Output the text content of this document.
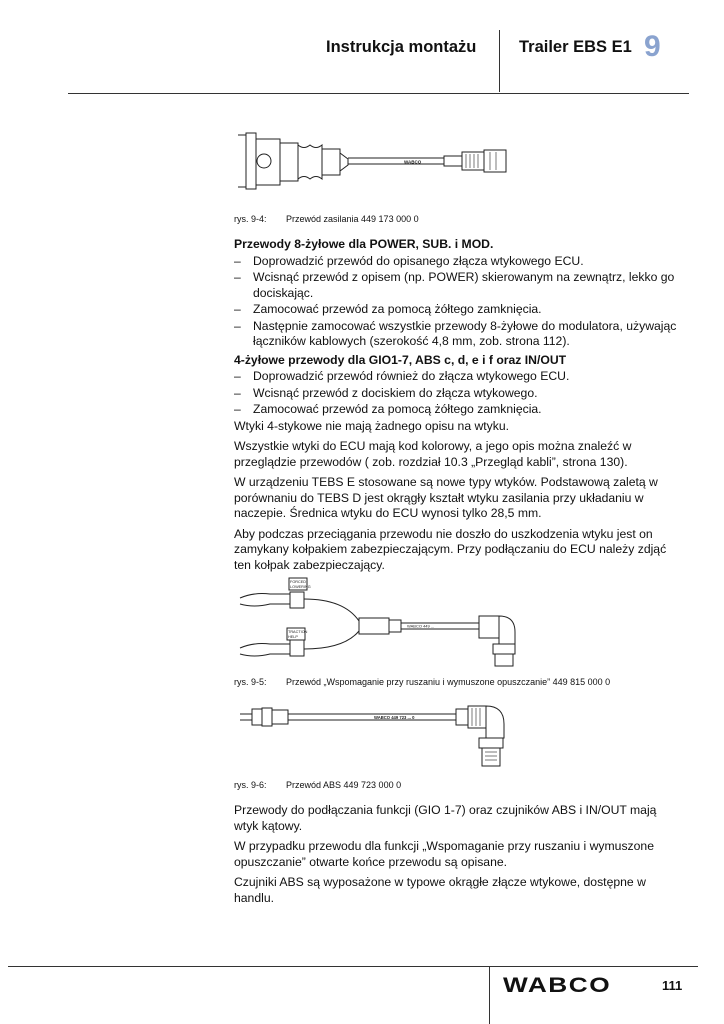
Instrukcja montażu	Trailer EBS E1 9
WABCO
rys. 9-4: Przewód zasilania 449 173 000 0
Przewody 8-żyłowe dla POWER, SUB. i MOD.
– Doprowadzić przewód do opisanego złącza wtykowego ECU.
– Wcisnąć przewód z opisem (np. POWER) skierowanym na zewnątrz, lekko go dociskając.
– Zamocować przewód za pomocą żółtego zamknięcia.
– Następnie zamocować wszystkie przewody 8-żyłowe do modulatora, używając łączników kablowych (szerokość 4,8 mm, zob. strona 112).
4-żyłowe przewody dla GIO1-7, ABS c, d, e i f oraz IN/OUT
– Doprowadzić przewód również do złącza wtykowego ECU.
– Wcisnąć przewód z dociskiem do złącza wtykowego.
– Zamocować przewód za pomocą żółtego zamknięcia.

Wtyki 4-stykowe nie mają żadnego opisu na wtyku.

Wszystkie wtyki do ECU mają kod kolorowy, a jego opis można znaleźć w przeglądzie przewodów ( zob. rozdział 10.3 „Przegląd kabli”, strona 130).

W urządzeniu TEBS E stosowane są nowe typy wtyków. Podstawową zaletą w porównaniu do TEBS D jest okrągły kształt wtyku zasilania przy układaniu w naczepie. Średnica wtyku do ECU wynosi tylko 28,5 mm.

Aby podczas przeciągania przewodu nie doszło do uszkodzenia wtyku jest on zamykany kołpakiem zabezpieczającym. Przy podłączaniu do ECU należy zdjąć ten kołpak zabezpieczający.

FORCED
LOWERING
TRACTION
HELP
WABCO 449 ...
rys. 9-5: Przewód „Wspomaganie przy ruszaniu i wymuszone opuszczanie” 449 815 000 0
WABCO 449 723 ... 0
rys. 9-6: Przewód ABS 449 723 000 0

Przewody do podłączania funkcji (GIO 1-7) oraz czujników ABS i IN/OUT mają wtyk kątowy.

W przypadku przewodu dla funkcji „Wspomaganie przy ruszaniu i wymuszone opuszczanie” otwarte końce przewodu są opisane.

Czujniki ABS są wyposażone w typowe okrągłe złącze wtykowe, dostępne w handlu.

WABCO	111
